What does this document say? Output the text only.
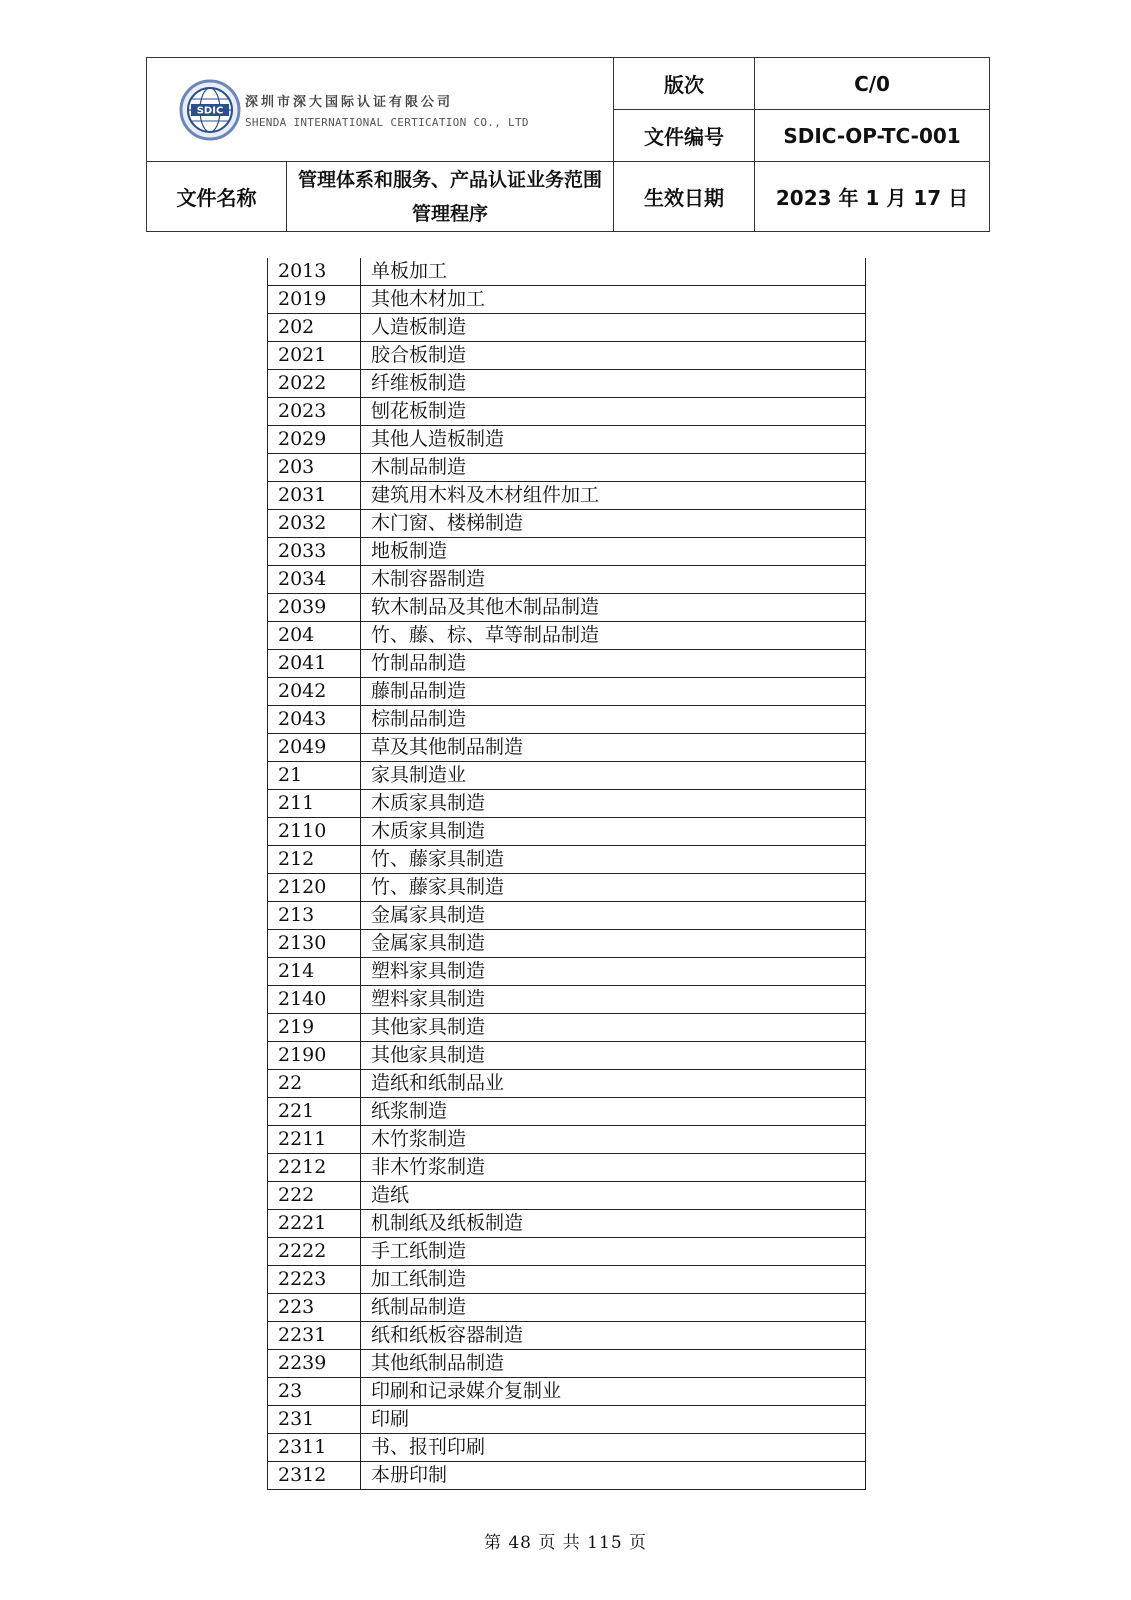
SDIC
深圳市深大国际认证有限公司
SHENDA INTERNATIONAL CERTICATION CO., LTD		版次	C/0
		文件编号	SDIC-OP-TC-001
文件名称	管理体系和服务、产品认证业务范围管理程序	生效日期	2023 年 1 月 17 日
2013	单板加工
2019	其他木材加工
202	人造板制造
2021	胶合板制造
2022	纤维板制造
2023	刨花板制造
2029	其他人造板制造
203	木制品制造
2031	建筑用木料及木材组件加工
2032	木门窗、楼梯制造
2033	地板制造
2034	木制容器制造
2039	软木制品及其他木制品制造
204	竹、藤、棕、草等制品制造
2041	竹制品制造
2042	藤制品制造
2043	棕制品制造
2049	草及其他制品制造
21	家具制造业
211	木质家具制造
2110	木质家具制造
212	竹、藤家具制造
2120	竹、藤家具制造
213	金属家具制造
2130	金属家具制造
214	塑料家具制造
2140	塑料家具制造
219	其他家具制造
2190	其他家具制造
22	造纸和纸制品业
221	纸浆制造
2211	木竹浆制造
2212	非木竹浆制造
222	造纸
2221	机制纸及纸板制造
2222	手工纸制造
2223	加工纸制造
223	纸制品制造
2231	纸和纸板容器制造
2239	其他纸制品制造
23	印刷和记录媒介复制业
231	印刷
2311	书、报刊印刷
2312	本册印制
第 48 页 共 115 页
